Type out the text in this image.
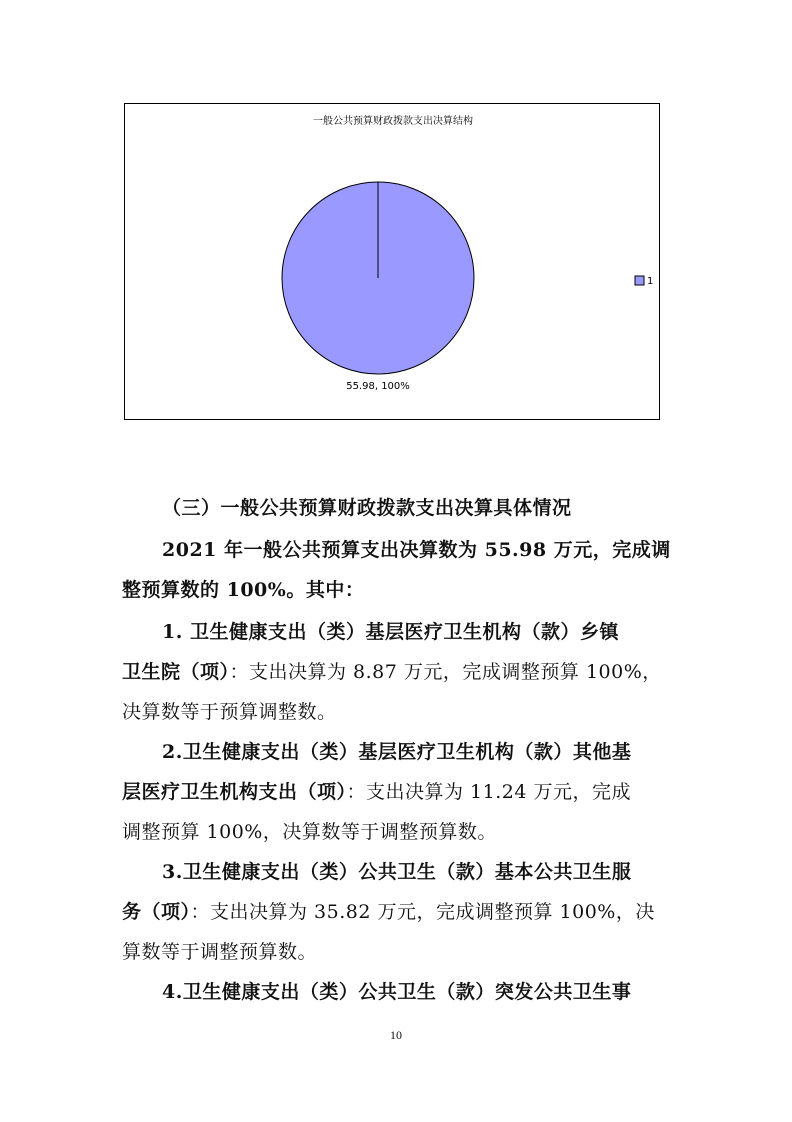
一般公共预算财政拨款支出决算结构
55.98, 100%
1
（三）一般公共预算财政拨款支出决算具体情况
2021 年一般公共预算支出决算数为 55.98 万元，完成调
整预算数的 100%。其中：
1. 卫生健康支出（类）基层医疗卫生机构（款）乡镇
卫生院（项）：支出决算为 8.87 万元，完成调整预算 100%，
决算数等于预算调整数。
2.卫生健康支出（类）基层医疗卫生机构（款）其他基
层医疗卫生机构支出（项）：支出决算为 11.24 万元，完成
调整预算 100%，决算数等于调整预算数。
3.卫生健康支出（类）公共卫生（款）基本公共卫生服
务（项）：支出决算为 35.82 万元，完成调整预算 100%，决
算数等于调整预算数。
4.卫生健康支出（类）公共卫生（款）突发公共卫生事
10
